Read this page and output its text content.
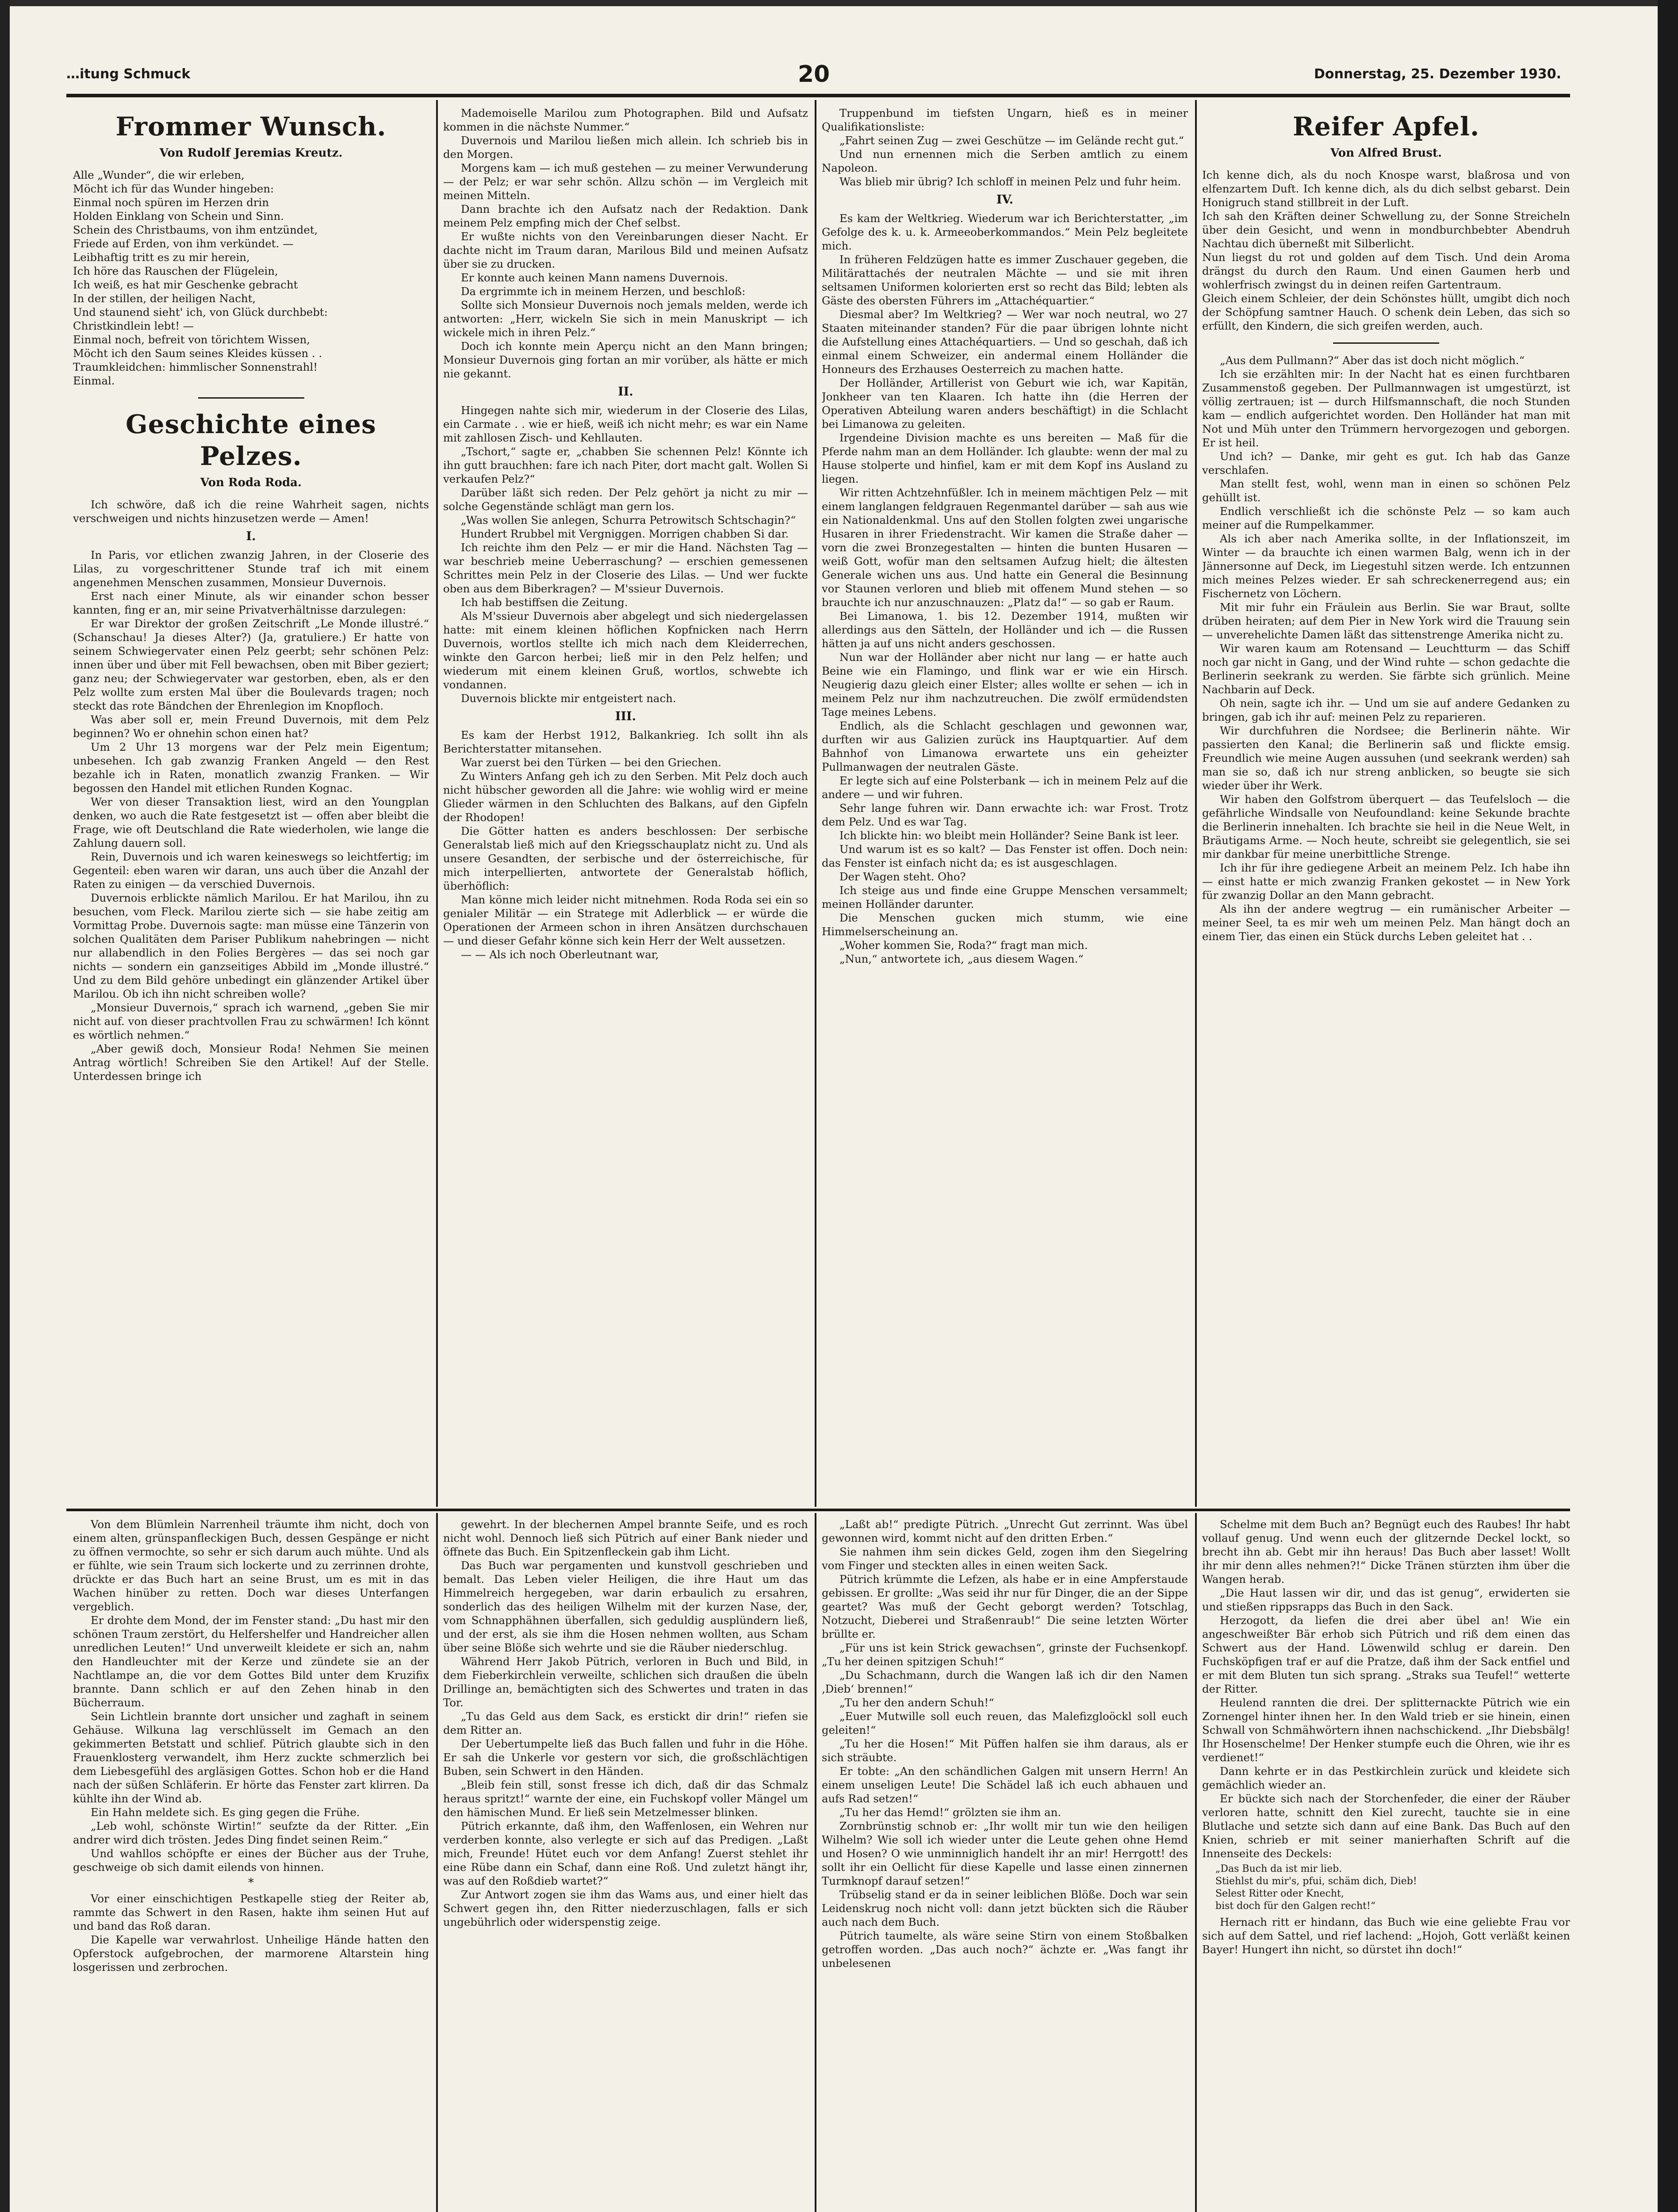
…itung Schmuck	20	Donnerstag, 25. Dezember 1930.
Frommer Wunsch.
Von Rudolf Jeremias Kreutz.
Alle „Wunder“, die wir erleben,
Möcht ich für das Wunder hingeben:
Einmal noch spüren im Herzen drin
Holden Einklang von Schein und Sinn.
Schein des Christbaums, von ihm entzündet,
Friede auf Erden, von ihm verkündet. —
Leibhaftig tritt es zu mir herein,
Ich höre das Rauschen der Flügelein,
Ich weiß, es hat mir Geschenke gebracht
In der stillen, der heiligen Nacht,
Und staunend sieht' ich, von Glück durchbebt:
Christkindlein lebt! —
Einmal noch, befreit von törichtem Wissen,
Möcht ich den Saum seines Kleides küssen . .
Traumkleidchen: himmlischer Sonnenstrahl!
Einmal.
Geschichte eines Pelzes.
Von Roda Roda.

Ich schwöre, daß ich die reine Wahrheit sagen, nichts verschweigen und nichts hinzusetzen werde — Amen!

I.

In Paris, vor etlichen zwanzig Jahren, in der Closerie des Lilas, zu vorgeschrittener Stunde traf ich mit einem angenehmen Menschen zusammen, Monsieur Duvernois.

Erst nach einer Minute, als wir einander schon besser kannten, fing er an, mir seine Privatverhältnisse darzulegen:

Er war Direktor der großen Zeitschrift „Le Monde illustré.“ (Schanschau! Ja dieses Alter?) (Ja, gratuliere.) Er hatte von seinem Schwiegervater einen Pelz geerbt; sehr schönen Pelz: innen über und über mit Fell bewachsen, oben mit Biber geziert; ganz neu; der Schwiegervater war gestorben, eben, als er den Pelz wollte zum ersten Mal über die Boulevards tragen; noch steckt das rote Bändchen der Ehrenlegion im Knopfloch.

Was aber soll er, mein Freund Duvernois, mit dem Pelz beginnen? Wo er ohnehin schon einen hat?

Um 2 Uhr 13 morgens war der Pelz mein Eigentum; unbesehen. Ich gab zwanzig Franken Angeld — den Rest bezahle ich in Raten, monatlich zwanzig Franken. — Wir begossen den Handel mit etlichen Runden Kognac.

Wer von dieser Transaktion liest, wird an den Youngplan denken, wo auch die Rate festgesetzt ist — offen aber bleibt die Frage, wie oft Deutschland die Rate wiederholen, wie lange die Zahlung dauern soll.

Rein, Duvernois und ich waren keineswegs so leichtfertig; im Gegenteil: eben waren wir daran, uns auch über die Anzahl der Raten zu einigen — da verschied Duvernois.

Duvernois erblickte nämlich Marilou. Er hat Marilou, ihn zu besuchen, vom Fleck. Marilou zierte sich — sie habe zeitig am Vormittag Probe. Duvernois sagte: man müsse eine Tänzerin von solchen Qualitäten dem Pariser Publikum nahebringen — nicht nur allabendlich in den Folies Bergères — das sei noch gar nichts — sondern ein ganzseitiges Abbild im „Monde illustré.“ Und zu dem Bild gehöre unbedingt ein glänzender Artikel über Marilou. Ob ich ihn nicht schreiben wolle?

„Monsieur Duvernois,“ sprach ich warnend, „geben Sie mir nicht auf. von dieser prachtvollen Frau zu schwärmen! Ich könnt es wörtlich nehmen.“

„Aber gewiß doch, Monsieur Roda! Nehmen Sie meinen Antrag wörtlich! Schreiben Sie den Artikel! Auf der Stelle. Unterdessen bringe ich

Mademoiselle Marilou zum Photographen. Bild und Aufsatz kommen in die nächste Nummer.“

Duvernois und Marilou ließen mich allein. Ich schrieb bis in den Morgen.

Morgens kam — ich muß gestehen — zu meiner Verwunderung — der Pelz; er war sehr schön. Allzu schön — im Vergleich mit meinen Mitteln.

Dann brachte ich den Aufsatz nach der Redaktion. Dank meinem Pelz empfing mich der Chef selbst.

Er wußte nichts von den Vereinbarungen dieser Nacht. Er dachte nicht im Traum daran, Marilous Bild und meinen Aufsatz über sie zu drucken.

Er konnte auch keinen Mann namens Duvernois.

Da ergrimmte ich in meinem Herzen, und beschloß:

Sollte sich Monsieur Duvernois noch jemals melden, werde ich antworten: „Herr, wickeln Sie sich in mein Manuskript — ich wickele mich in ihren Pelz.“

Doch ich konnte mein Aperçu nicht an den Mann bringen; Monsieur Duvernois ging fortan an mir vorüber, als hätte er mich nie gekannt.

II.

Hingegen nahte sich mir, wiederum in der Closerie des Lilas, ein Carmate . . wie er hieß, weiß ich nicht mehr; es war ein Name mit zahllosen Zisch- und Kehllauten.

„Tschort,“ sagte er, „chabben Sie schennen Pelz! Könnte ich ihn gutt brauchhen: fare ich nach Piter, dort macht galt. Wollen Si verkaufen Pelz?“

Darüber läßt sich reden. Der Pelz gehört ja nicht zu mir — solche Gegenstände schlägt man gern los.

„Was wollen Sie anlegen, Schurra Petrowitsch Schtschagin?“

Hundert Rrubbel mit Vergniggen. Morrigen chabben Si dar.

Ich reichte ihm den Pelz — er mir die Hand. Nächsten Tag — war beschrieb meine Ueberraschung? — erschien gemessenen Schrittes mein Pelz in der Closerie des Lilas. — Und wer fuckte oben aus dem Biberkragen? — M'ssieur Duvernois.

Ich hab bestiffsen die Zeitung.

Als M'ssieur Duvernois aber abgelegt und sich niedergelassen hatte: mit einem kleinen höflichen Kopfnicken nach Herrn Duvernois, wortlos stellte ich mich nach dem Kleiderrechen, winkte den Garcon herbei; ließ mir in den Pelz helfen; und wiederum mit einem kleinen Gruß, wortlos, schwebte ich vondannen.

Duvernois blickte mir entgeistert nach.

III.

Es kam der Herbst 1912, Balkankrieg. Ich sollt ihn als Berichterstatter mitansehen.

War zuerst bei den Türken — bei den Griechen.

Zu Winters Anfang geh ich zu den Serben. Mit Pelz doch auch nicht hübscher geworden all die Jahre: wie wohlig wird er meine Glieder wärmen in den Schluchten des Balkans, auf den Gipfeln der Rhodopen!

Die Götter hatten es anders beschlossen: Der serbische Generalstab ließ mich auf den Kriegsschauplatz nicht zu. Und als unsere Gesandten, der serbische und der österreichische, für mich interpellierten, antwortete der Generalstab höflich, überhöflich:

Man könne mich leider nicht mitnehmen. Roda Roda sei ein so genialer Militär — ein Stratege mit Adlerblick — er würde die Operationen der Armeen schon in ihren Ansätzen durchschauen — und dieser Gefahr könne sich kein Herr der Welt aussetzen.

— — Als ich noch Oberleutnant war,

Truppenbund im tiefsten Ungarn, hieß es in meiner Qualifikationsliste:

„Fahrt seinen Zug — zwei Geschütze — im Gelände recht gut.“

Und nun ernennen mich die Serben amtlich zu einem Napoleon.

Was blieb mir übrig? Ich schloff in meinen Pelz und fuhr heim.

IV.

Es kam der Weltkrieg. Wiederum war ich Berichterstatter, „im Gefolge des k. u. k. Armeeoberkommandos.“ Mein Pelz begleitete mich.

In früheren Feldzügen hatte es immer Zuschauer gegeben, die Militärattachés der neutralen Mächte — und sie mit ihren seltsamen Uniformen kolorierten erst so recht das Bild; lebten als Gäste des obersten Führers im „Attachéquartier.“

Diesmal aber? Im Weltkrieg? — Wer war noch neutral, wo 27 Staaten miteinander standen? Für die paar übrigen lohnte nicht die Aufstellung eines Attachéquartiers. — Und so geschah, daß ich einmal einem Schweizer, ein andermal einem Holländer die Honneurs des Erzhauses Oesterreich zu machen hatte.

Der Holländer, Artillerist von Geburt wie ich, war Kapitän, Jonkheer van ten Klaaren. Ich hatte ihn (die Herren der Operativen Abteilung waren anders beschäftigt) in die Schlacht bei Limanowa zu geleiten.

Irgendeine Division machte es uns bereiten — Maß für die Pferde nahm man an dem Holländer. Ich glaubte: wenn der mal zu Hause stolperte und hinfiel, kam er mit dem Kopf ins Ausland zu liegen.

Wir ritten Achtzehnfüßler. Ich in meinem mächtigen Pelz — mit einem langlangen feldgrauen Regenmantel darüber — sah aus wie ein Nationaldenkmal. Uns auf den Stollen folgten zwei ungarische Husaren in ihrer Friedenstracht. Wir kamen die Straße daher — vorn die zwei Bronzegestalten — hinten die bunten Husaren — weiß Gott, wofür man den seltsamen Aufzug hielt; die ältesten Generale wichen uns aus. Und hatte ein General die Besinnung vor Staunen verloren und blieb mit offenem Mund stehen — so brauchte ich nur anzuschnauzen: „Platz da!“ — so gab er Raum.

Bei Limanowa, 1. bis 12. Dezember 1914, mußten wir allerdings aus den Sätteln, der Holländer und ich — die Russen hätten ja auf uns nicht anders geschossen.

Nun war der Holländer aber nicht nur lang — er hatte auch Beine wie ein Flamingo, und flink war er wie ein Hirsch. Neugierig dazu gleich einer Elster; alles wollte er sehen — ich in meinem Pelz nur ihm nachzutreuchen. Die zwölf ermüdendsten Tage meines Lebens.

Endlich, als die Schlacht geschlagen und gewonnen war, durften wir aus Galizien zurück ins Hauptquartier. Auf dem Bahnhof von Limanowa erwartete uns ein geheizter Pullmanwagen der neutralen Gäste.

Er legte sich auf eine Polsterbank — ich in meinem Pelz auf die andere — und wir fuhren.

Sehr lange fuhren wir. Dann erwachte ich: war Frost. Trotz dem Pelz. Und es war Tag.

Ich blickte hin: wo bleibt mein Holländer? Seine Bank ist leer.

Und warum ist es so kalt? — Das Fenster ist offen. Doch nein: das Fenster ist einfach nicht da; es ist ausgeschlagen.

Der Wagen steht. Oho?

Ich steige aus und finde eine Gruppe Menschen versammelt; meinen Holländer darunter.

Die Menschen gucken mich stumm, wie eine Himmelserscheinung an.

„Woher kommen Sie, Roda?“ fragt man mich.

„Nun,“ antwortete ich, „aus diesem Wagen.“

Reifer Apfel.
Von Alfred Brust.

Ich kenne dich, als du noch Knospe warst, blaßrosa und von elfenzartem Duft. Ich kenne dich, als du dich selbst gebarst. Dein Honigruch stand stillbreit in der Luft.

Ich sah den Kräften deiner Schwellung zu, der Sonne Streicheln über dein Gesicht, und wenn in mondburchbebter Abendruh Nachtau dich überneßt mit Silberlicht.

Nun liegst du rot und golden auf dem Tisch. Und dein Aroma drängst du durch den Raum. Und einen Gaumen herb und wohlerfrisch zwingst du in deinen reifen Gartentraum.

Gleich einem Schleier, der dein Schönstes hüllt, umgibt dich noch der Schöpfung samtner Hauch. O schenk dein Leben, das sich so erfüllt, den Kindern, die sich greifen werden, auch.

„Aus dem Pullmann?“ Aber das ist doch nicht möglich.“

Ich sie erzählten mir: In der Nacht hat es einen furchtbaren Zusammenstoß gegeben. Der Pullmannwagen ist umgestürzt, ist völlig zertrauen; ist — durch Hilfsmannschaft, die noch Stunden kam — endlich aufgerichtet worden. Den Holländer hat man mit Not und Müh unter den Trümmern hervorgezogen und geborgen. Er ist heil.

Und ich? — Danke, mir geht es gut. Ich hab das Ganze verschlafen.

Man stellt fest, wohl, wenn man in einen so schönen Pelz gehüllt ist.

Endlich verschließt ich die schönste Pelz — so kam auch meiner auf die Rumpelkammer.

Als ich aber nach Amerika sollte, in der Inflationszeit, im Winter — da brauchte ich einen warmen Balg, wenn ich in der Jännersonne auf Deck, im Liegestuhl sitzen werde. Ich entzunnen mich meines Pelzes wieder. Er sah schreckenerregend aus; ein Fischernetz von Löchern.

Mit mir fuhr ein Fräulein aus Berlin. Sie war Braut, sollte drüben heiraten; auf dem Pier in New York wird die Trauung sein — unverehelichte Damen läßt das sittenstrenge Amerika nicht zu.

Wir waren kaum am Rotensand — Leuchtturm — das Schiff noch gar nicht in Gang, und der Wind ruhte — schon gedachte die Berlinerin seekrank zu werden. Sie färbte sich grünlich. Meine Nachbarin auf Deck.

Oh nein, sagte ich ihr. — Und um sie auf andere Gedanken zu bringen, gab ich ihr auf: meinen Pelz zu reparieren.

Wir durchfuhren die Nordsee; die Berlinerin nähte. Wir passierten den Kanal; die Berlinerin saß und flickte emsig. Freundlich wie meine Augen aussuhen (und seekrank werden) sah man sie so, daß ich nur streng anblicken, so beugte sie sich wieder über ihr Werk.

Wir haben den Golfstrom überquert — das Teufelsloch — die gefährliche Windsalle von Neufoundland: keine Sekunde brachte die Berlinerin innehalten. Ich brachte sie heil in die Neue Welt, in Bräutigams Arme. — Noch heute, schreibt sie gelegentlich, sie sei mir dankbar für meine unerbittliche Strenge.

Ich ihr für ihre gediegene Arbeit an meinem Pelz. Ich habe ihn — einst hatte er mich zwanzig Franken gekostet — in New York für zwanzig Dollar an den Mann gebracht.

Als ihn der andere wegtrug — ein rumänischer Arbeiter — meiner Seel, ta es mir weh um meinen Pelz. Man hängt doch an einem Tier, das einen ein Stück durchs Leben geleitet hat . .

Von dem Blümlein Narrenheil träumte ihm nicht, doch von einem alten, grünspanfleckigen Buch, dessen Gespänge er nicht zu öffnen vermochte, so sehr er sich darum auch mühte. Und als er fühlte, wie sein Traum sich lockerte und zu zerrinnen drohte, drückte er das Buch hart an seine Brust, um es mit in das Wachen hinüber zu retten. Doch war dieses Unterfangen vergeblich.

Er drohte dem Mond, der im Fenster stand: „Du hast mir den schönen Traum zerstört, du Helfershelfer und Handreicher allen unredlichen Leuten!“ Und unverweilt kleidete er sich an, nahm den Handleuchter mit der Kerze und zündete sie an der Nachtlampe an, die vor dem Gottes Bild unter dem Kruzifix brannte. Dann schlich er auf den Zehen hinab in den Bücherraum.

Sein Lichtlein brannte dort unsicher und zaghaft in seinem Gehäuse. Wilkuna lag verschlüsselt im Gemach an den gekimmerten Betstatt und schlief. Pütrich glaubte sich in den Frauenklosterg verwandelt, ihm Herz zuckte schmerzlich bei dem Liebesgefühl des argläsigen Gottes. Schon hob er die Hand nach der süßen Schläferin. Er hörte das Fenster zart klirren. Da kühlte ihn der Wind ab.

Ein Hahn meldete sich. Es ging gegen die Frühe.

„Leb wohl, schönste Wirtin!“ seufzte da der Ritter. „Ein andrer wird dich trösten. Jedes Ding findet seinen Reim.“

Und wahllos schöpfte er eines der Bücher aus der Truhe, geschweige ob sich damit eilends von hinnen.

*

Vor einer einschichtigen Pestkapelle stieg der Reiter ab, rammte das Schwert in den Rasen, hakte ihm seinen Hut auf und band das Roß daran.

Die Kapelle war verwahrlost. Unheilige Hände hatten den Opferstock aufgebrochen, der marmorene Altarstein hing losgerissen und zerbrochen.

gewehrt. In der blechernen Ampel brannte Seife, und es roch nicht wohl. Dennoch ließ sich Pütrich auf einer Bank nieder und öffnete das Buch. Ein Spitzenfleckein gab ihm Licht.

Das Buch war pergamenten und kunstvoll geschrieben und bemalt. Das Leben vieler Heiligen, die ihre Haut um das Himmelreich hergegeben, war darin erbaulich zu ersahren, sonderlich das des heiligen Wilhelm mit der kurzen Nase, der, vom Schnapphähnen überfallen, sich geduldig ausplündern ließ, und der erst, als sie ihm die Hosen nehmen wollten, aus Scham über seine Blöße sich wehrte und sie die Räuber niederschlug.

Während Herr Jakob Pütrich, verloren in Buch und Bild, in dem Fieberkirchlein verweilte, schlichen sich draußen die übeln Drillinge an, bemächtigten sich des Schwertes und traten in das Tor.

„Tu das Geld aus dem Sack, es erstickt dir drin!“ riefen sie dem Ritter an.

Der Uebertumpelte ließ das Buch fallen und fuhr in die Höhe. Er sah die Unkerle vor gestern vor sich, die großschlächtigen Buben, sein Schwert in den Händen.

„Bleib fein still, sonst fresse ich dich, daß dir das Schmalz heraus spritzt!“ warnte der eine, ein Fuchskopf voller Mängel um den hämischen Mund. Er ließ sein Metzelmesser blinken.

Pütrich erkannte, daß ihm, den Waffenlosen, ein Wehren nur verderben konnte, also verlegte er sich auf das Predigen. „Laßt mich, Freunde! Hütet euch vor dem Anfang! Zuerst stehlet ihr eine Rübe dann ein Schaf, dann eine Roß. Und zuletzt hängt ihr, was auf den Roßdieb wartet?“

Zur Antwort zogen sie ihm das Wams aus, und einer hielt das Schwert gegen ihn, den Ritter niederzuschlagen, falls er sich ungebührlich oder widerspenstig zeige.

„Laßt ab!“ predigte Pütrich. „Unrecht Gut zerrinnt. Was übel gewonnen wird, kommt nicht auf den dritten Erben.“

Sie nahmen ihm sein dickes Geld, zogen ihm den Siegelring vom Finger und steckten alles in einen weiten Sack.

Pütrich krümmte die Lefzen, als habe er in eine Ampferstaude gebissen. Er grollte: „Was seid ihr nur für Dinger, die an der Sippe geartet? Was muß der Gecht geborgt werden? Totschlag, Notzucht, Dieberei und Straßenraub!“ Die seine letzten Wörter brüllte er.

„Für uns ist kein Strick gewachsen“, grinste der Fuchsenkopf. „Tu her deinen spitzigen Schuh!“

„Du Schachmann, durch die Wangen laß ich dir den Namen ‚Dieb‘ brennen!“

„Tu her den andern Schuh!“

„Euer Mutwille soll euch reuen, das Malefizgloöckl soll euch geleiten!“

„Tu her die Hosen!“ Mit Püffen halfen sie ihm daraus, als er sich sträubte.

Er tobte: „An den schändlichen Galgen mit unsern Herrn! An einem unseligen Leute! Die Schädel laß ich euch abhauen und aufs Rad setzen!“

„Tu her das Hemd!“ grölzten sie ihm an.

Zornbrünstig schnob er: „Ihr wollt mir tun wie den heiligen Wilhelm? Wie soll ich wieder unter die Leute gehen ohne Hemd und Hosen? O wie unminniglich handelt ihr an mir! Herrgott! des sollt ihr ein Oellicht für diese Kapelle und lasse einen zinnernen Turmknopf darauf setzen!“

Trübselig stand er da in seiner leiblichen Blöße. Doch war sein Leidenskrug noch nicht voll: dann jetzt bückten sich die Räuber auch nach dem Buch.

Pütrich taumelte, als wäre seine Stirn von einem Stoßbalken getroffen worden. „Das auch noch?“ ächzte er. „Was fangt ihr unbelesenen

Schelme mit dem Buch an? Begnügt euch des Raubes! Ihr habt vollauf genug. Und wenn euch der glitzernde Deckel lockt, so brecht ihn ab. Gebt mir ihn heraus! Das Buch aber lasset! Wollt ihr mir denn alles nehmen?!“ Dicke Tränen stürzten ihm über die Wangen herab.

„Die Haut lassen wir dir, und das ist genug“, erwiderten sie und stießen rippsrapps das Buch in den Sack.

Herzogott, da liefen die drei aber übel an! Wie ein angeschweißter Bär erhob sich Pütrich und riß dem einen das Schwert aus der Hand. Löwenwild schlug er darein. Den Fuchsköpfigen traf er auf die Pratze, daß ihm der Sack entfiel und er mit dem Bluten tun sich sprang. „Straks sua Teufel!“ wetterte der Ritter.

Heulend rannten die drei. Der splitternackte Pütrich wie ein Zornengel hinter ihnen her. In den Wald trieb er sie hinein, einen Schwall von Schmähwörtern ihnen nachschickend. „Ihr Diebsbälg! Ihr Hosenschelme! Der Henker stumpfe euch die Ohren, wie ihr es verdienet!“

Dann kehrte er in das Pestkirchlein zurück und kleidete sich gemächlich wieder an.

Er bückte sich nach der Storchenfeder, die einer der Räuber verloren hatte, schnitt den Kiel zurecht, tauchte sie in eine Blutlache und setzte sich dann auf eine Bank. Das Buch auf den Knien, schrieb er mit seiner manierhaften Schrift auf die Innenseite des Deckels:

„Das Buch da ist mir lieb.
Stiehlst du mir's, pfui, schäm dich, Dieb!
Selest Ritter oder Knecht,
bist doch für den Galgen recht!“

Hernach ritt er hindann, das Buch wie eine geliebte Frau vor sich auf dem Sattel, und rief lachend: „Hojoh, Gott verläßt keinen Bayer! Hungert ihn nicht, so dürstet ihn doch!“
